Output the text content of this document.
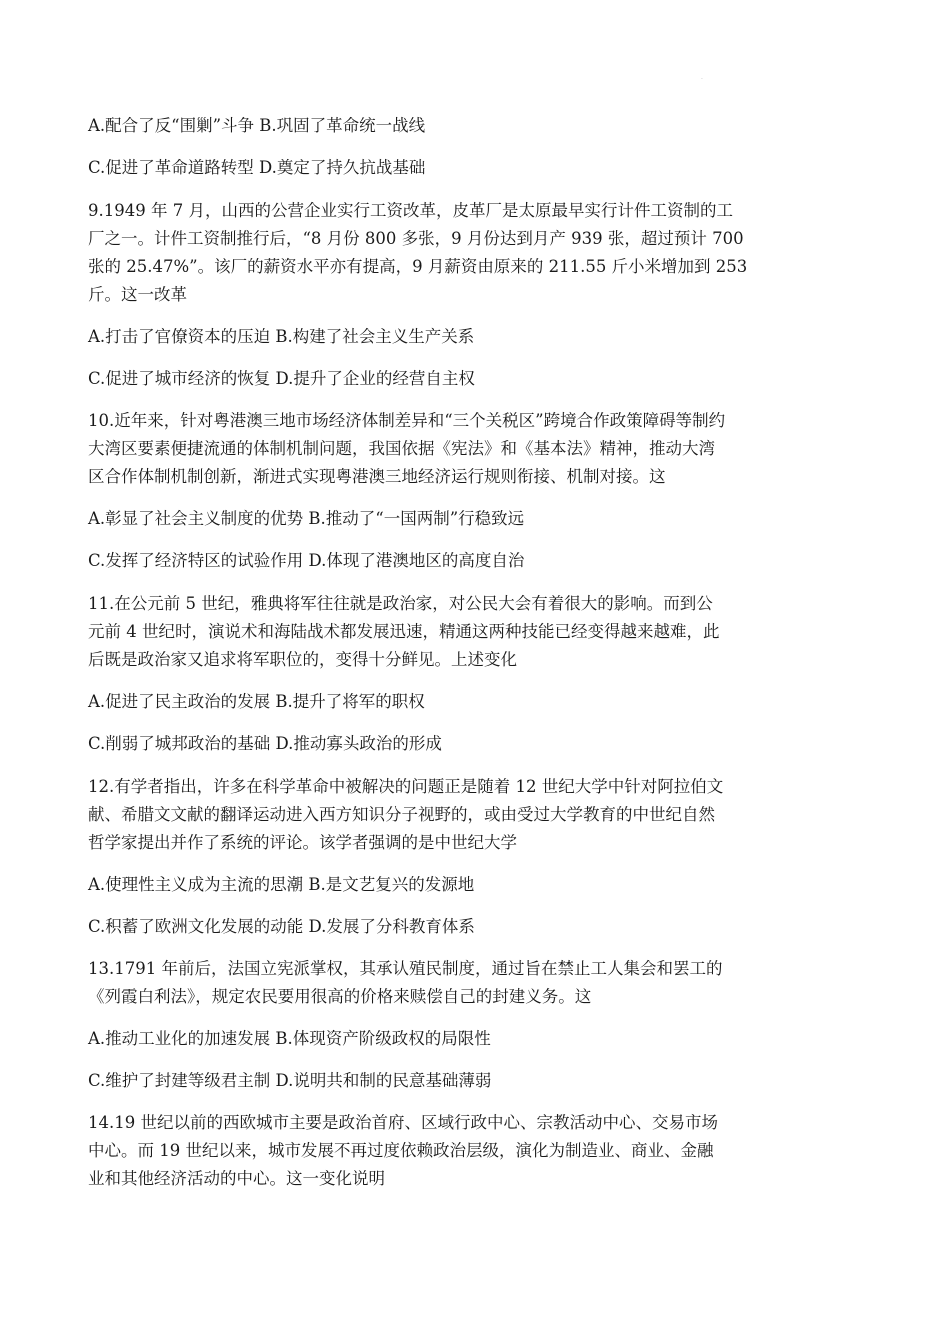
·
A.配合了反“围剿”斗争 B.巩固了革命统一战线
C.促进了革命道路转型 D.奠定了持久抗战基础
9.1949 年 7 月，山西的公营企业实行工资改革，皮革厂是太原最早实行计件工资制的工
厂之一。计件工资制推行后，“8 月份 800 多张，9 月份达到月产 939 张，超过预计 700
张的 25.47%”。该厂的薪资水平亦有提高，9 月薪资由原来的 211.55 斤小米增加到 253
斤。这一改革
A.打击了官僚资本的压迫 B.构建了社会主义生产关系
C.促进了城市经济的恢复 D.提升了企业的经营自主权
10.近年来，针对粤港澳三地市场经济体制差异和“三个关税区”跨境合作政策障碍等制约
大湾区要素便捷流通的体制机制问题，我国依据《宪法》和《基本法》精神，推动大湾
区合作体制机制创新，渐进式实现粤港澳三地经济运行规则衔接、机制对接。这
A.彰显了社会主义制度的优势 B.推动了“一国两制”行稳致远
C.发挥了经济特区的试验作用 D.体现了港澳地区的高度自治
11.在公元前 5 世纪，雅典将军往往就是政治家，对公民大会有着很大的影响。而到公
元前 4 世纪时，演说术和海陆战术都发展迅速，精通这两种技能已经变得越来越难，此
后既是政治家又追求将军职位的，变得十分鲜见。上述变化
A.促进了民主政治的发展 B.提升了将军的职权
C.削弱了城邦政治的基础 D.推动寡头政治的形成
12.有学者指出，许多在科学革命中被解决的问题正是随着 12 世纪大学中针对阿拉伯文
献、希腊文文献的翻译运动进入西方知识分子视野的，或由受过大学教育的中世纪自然
哲学家提出并作了系统的评论。该学者强调的是中世纪大学
A.使理性主义成为主流的思潮 B.是文艺复兴的发源地
C.积蓄了欧洲文化发展的动能 D.发展了分科教育体系
13.1791 年前后，法国立宪派掌权，其承认殖民制度，通过旨在禁止工人集会和罢工的
《列霞白利法》，规定农民要用很高的价格来赎偿自己的封建义务。这
A.推动工业化的加速发展 B.体现资产阶级政权的局限性
C.维护了封建等级君主制 D.说明共和制的民意基础薄弱
14.19 世纪以前的西欧城市主要是政治首府、区域行政中心、宗教活动中心、交易市场
中心。而 19 世纪以来，城市发展不再过度依赖政治层级，演化为制造业、商业、金融
业和其他经济活动的中心。这一变化说明
